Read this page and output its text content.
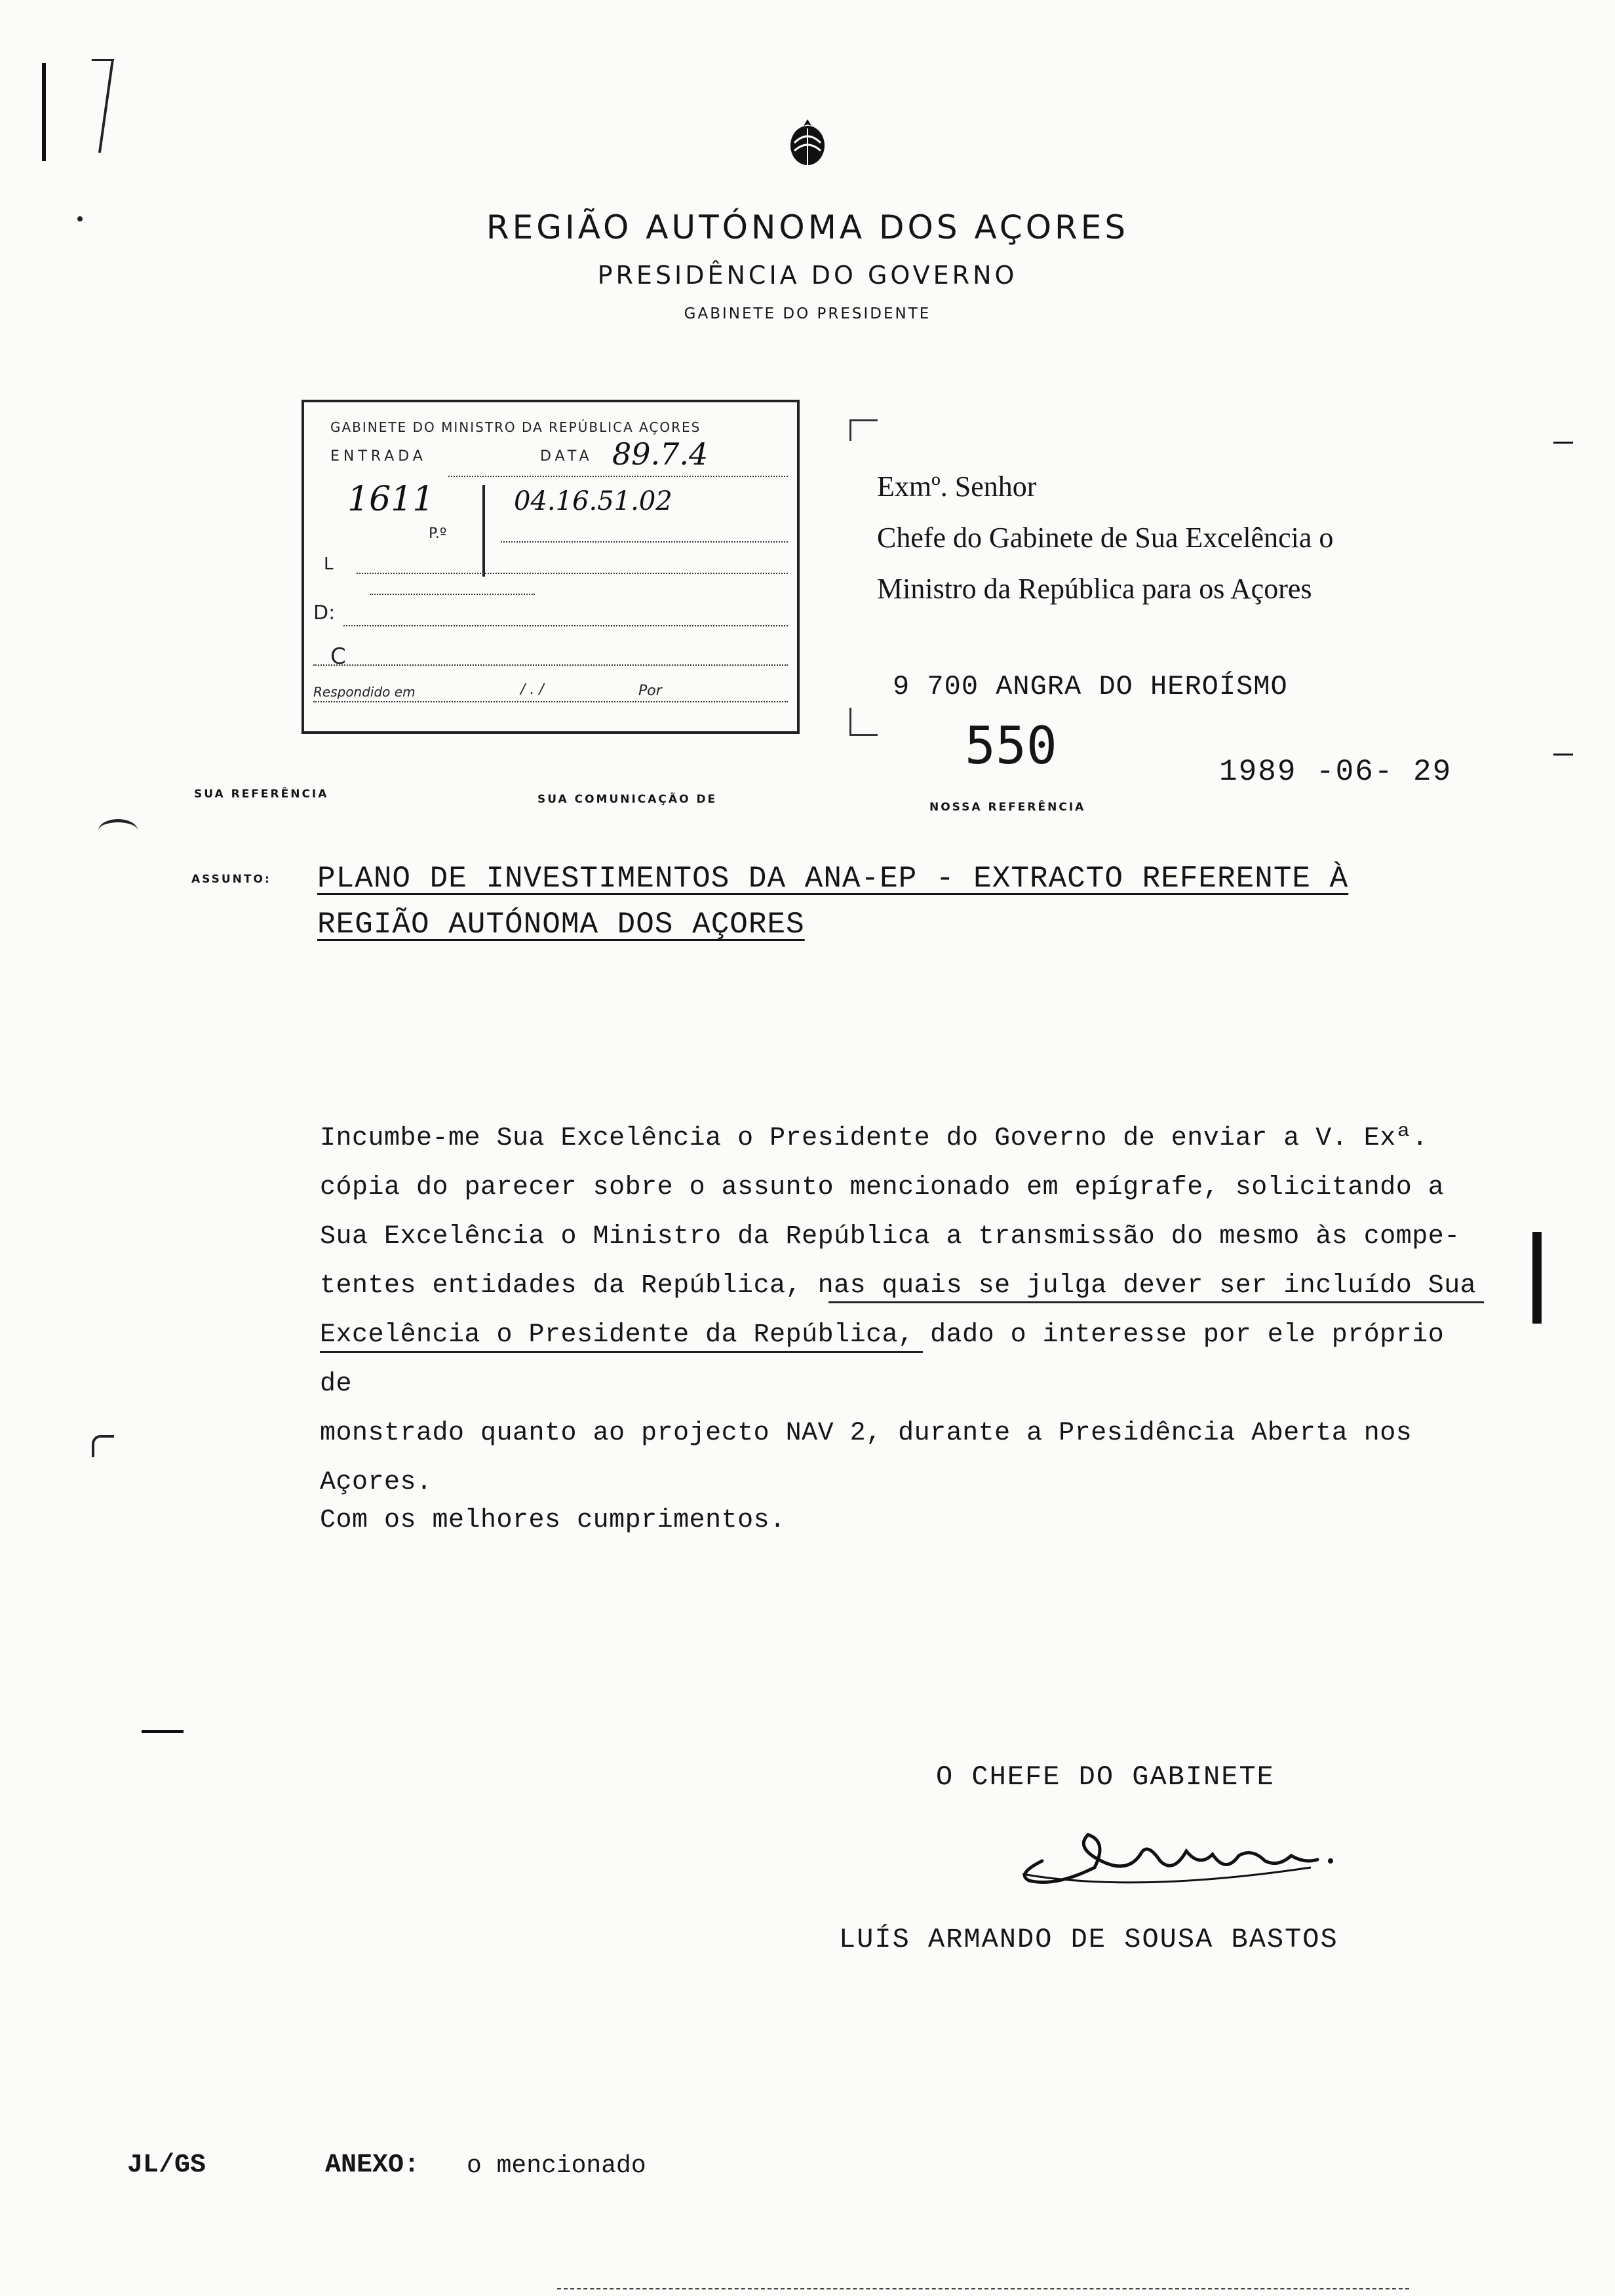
REGIÃO AUTÓNOMA DOS AÇORES
PRESIDÊNCIA DO GOVERNO
GABINETE DO PRESIDENTE
GABINETE DO MINISTRO DA REPÚBLICA AÇORES
ENTRADA	DATA 89.7.4
1611
P.º
04.16.51.02
L
D:
C
Respondido em	/ . /	Por
Exmº. Senhor
Chefe do Gabinete de Sua Excelência o
Ministro da República para os Açores
9 700 ANGRA DO HEROÍSMO
550	1989 -06- 29
SUA REFERÊNCIA	SUA COMUNICAÇÃO DE
NOSSA REFERÊNCIA
ASSUNTO: PLANO DE INVESTIMENTOS DA ANA-EP - EXTRACTO REFERENTE À
REGIÃO AUTÓNOMA DOS AÇORES

Incumbe-me Sua Excelência o Presidente do Governo de enviar a V. Exª.

cópia do parecer sobre o assunto mencionado em epígrafe, solicitando a

Sua Excelência o Ministro da República a transmissão do mesmo às compe-

tentes entidades da República, nas quais se julga dever ser incluído Sua

Excelência o Presidente da República, dado o interesse por ele próprio de

monstrado quanto ao projecto NAV 2, durante a Presidência Aberta nos

Açores.

Com os melhores cumprimentos.
O CHEFE DO GABINETE
LUÍS ARMANDO DE SOUSA BASTOS
JL/GS	ANEXO: o mencionado
